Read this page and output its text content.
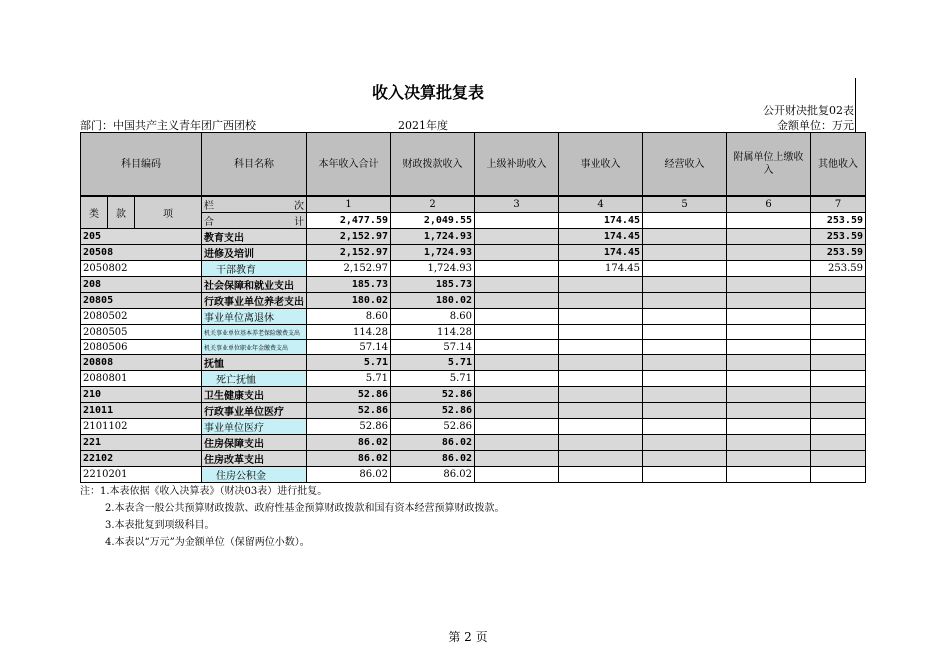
收入决算批复表
公开财决批复02表
部门：中国共产主义青年团广西团校	2021年度	金额单位：万元
科目编码			科目名称	本年收入合计	财政拨款收入	上级补助收入	事业收入	经营收入	附属单位上缴收入	其他收入
类	款	项	栏 次	1	2	3	4	5	6	7
			合 计	2,477.59	2,049.55		174.45			253.59
205			教育支出	2,152.97	1,724.93		174.45			253.59
20508			进修及培训	2,152.97	1,724.93		174.45			253.59
2050802			干部教育	2,152.97	1,724.93		174.45			253.59
208			社会保障和就业支出	185.73	185.73					
20805			行政事业单位养老支出	180.02	180.02					
2080502			事业单位离退休	8.60	8.60					
2080505			机关事业单位基本养老保险缴费支出	114.28	114.28					
2080506			机关事业单位职业年金缴费支出	57.14	57.14					
20808			抚恤	5.71	5.71					
2080801			死亡抚恤	5.71	5.71					
210			卫生健康支出	52.86	52.86					
21011			行政事业单位医疗	52.86	52.86					
2101102			事业单位医疗	52.86	52.86					
221			住房保障支出	86.02	86.02					
22102			住房改革支出	86.02	86.02					
2210201			住房公积金	86.02	86.02					
注：1.本表依据《收入决算表》（财决03表）进行批复。
2.本表含一般公共预算财政拨款、政府性基金预算财政拨款和国有资本经营预算财政拨款。
3.本表批复到项级科目。
4.本表以“万元”为金额单位（保留两位小数）。
第 2 页
